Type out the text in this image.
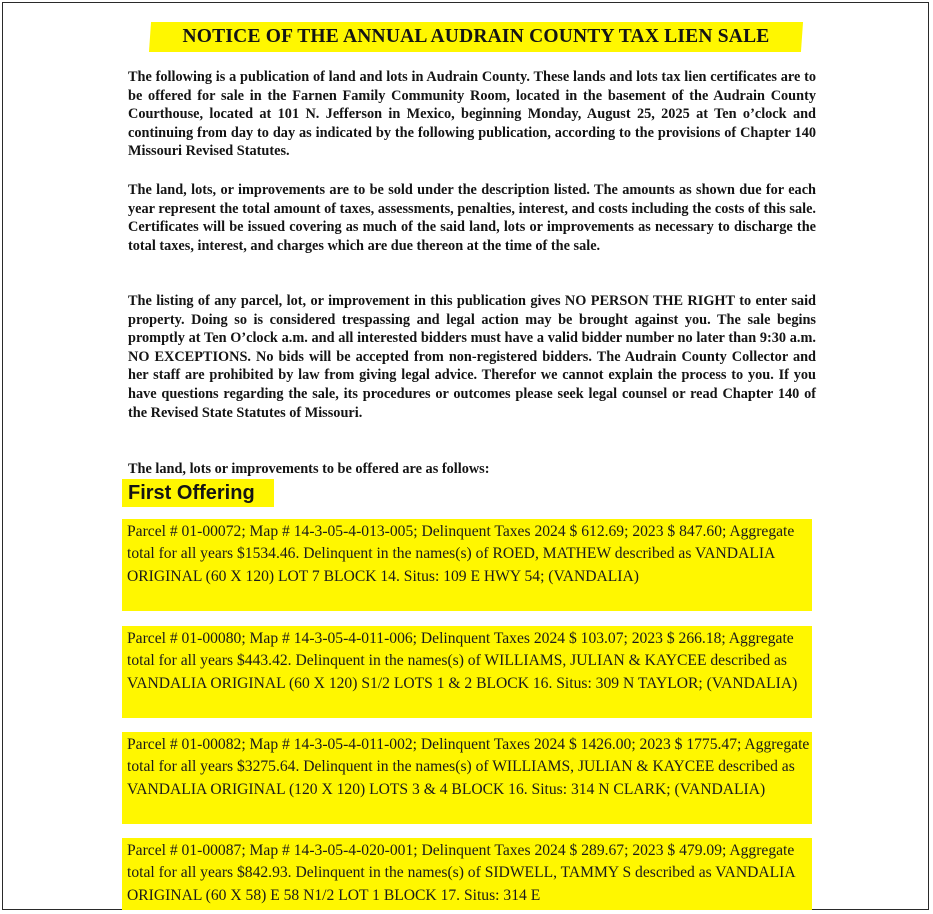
NOTICE OF THE ANNUAL AUDRAIN COUNTY TAX LIEN SALE

The following is a publication of land and lots in Audrain County. These lands and lots tax lien certificates are to be offered for sale in the Farnen Family Community Room, located in the basement of the Audrain County Courthouse, located at 101 N. Jefferson in Mexico, beginning Monday, August 25, 2025 at Ten o’clock and continuing from day to day as indicated by the following publication, according to the provisions of Chapter 140 Missouri Revised Statutes.

The land, lots, or improvements are to be sold under the description listed. The amounts as shown due for each year represent the total amount of taxes, assessments, penalties, interest, and costs including the costs of this sale. Certificates will be issued covering as much of the said land, lots or improvements as necessary to discharge the total taxes, interest, and charges which are due thereon at the time of the sale.

The listing of any parcel, lot, or improvement in this publication gives NO PERSON THE RIGHT to enter said property. Doing so is considered trespassing and legal action may be brought against you. The sale begins promptly at Ten O’clock a.m. and all interested bidders must have a valid bidder number no later than 9:30 a.m. NO EXCEPTIONS. No bids will be accepted from non-registered bidders. The Audrain County Collector and her staff are prohibited by law from giving legal advice. Therefor we cannot explain the process to you. If you have questions regarding the sale, its procedures or outcomes please seek legal counsel or read Chapter 140 of the Revised State Statutes of Missouri.

The land, lots or improvements to be offered are as follows:

First Offering

Parcel # 01-00072; Map # 14-3-05-4-013-005; Delinquent Taxes 2024 $ 612.69; 2023 $ 847.60; Aggregate total for all years $1534.46. Delinquent in the names(s) of ROED, MATHEW described as VANDALIA ORIGINAL (60 X 120) LOT 7 BLOCK 14. Situs: 109 E HWY 54; (VANDALIA)

Parcel # 01-00080; Map # 14-3-05-4-011-006; Delinquent Taxes 2024 $ 103.07; 2023 $ 266.18; Aggregate total for all years $443.42. Delinquent in the names(s) of WILLIAMS, JULIAN & KAYCEE described as VANDALIA ORIGINAL (60 X 120) S1/2 LOTS 1 & 2 BLOCK 16. Situs: 309 N TAYLOR; (VANDALIA)

Parcel # 01-00082; Map # 14-3-05-4-011-002; Delinquent Taxes 2024 $ 1426.00; 2023 $ 1775.47; Aggregate total for all years $3275.64. Delinquent in the names(s) of WILLIAMS, JULIAN & KAYCEE described as VANDALIA ORIGINAL (120 X 120) LOTS 3 & 4 BLOCK 16. Situs: 314 N CLARK; (VANDALIA)

Parcel # 01-00087; Map # 14-3-05-4-020-001; Delinquent Taxes 2024 $ 289.67; 2023 $ 479.09; Aggregate total for all years $842.93. Delinquent in the names(s) of SIDWELL, TAMMY S described as VANDALIA ORIGINAL (60 X 58) E 58 N1/2 LOT 1 BLOCK 17. Situs: 314 E
